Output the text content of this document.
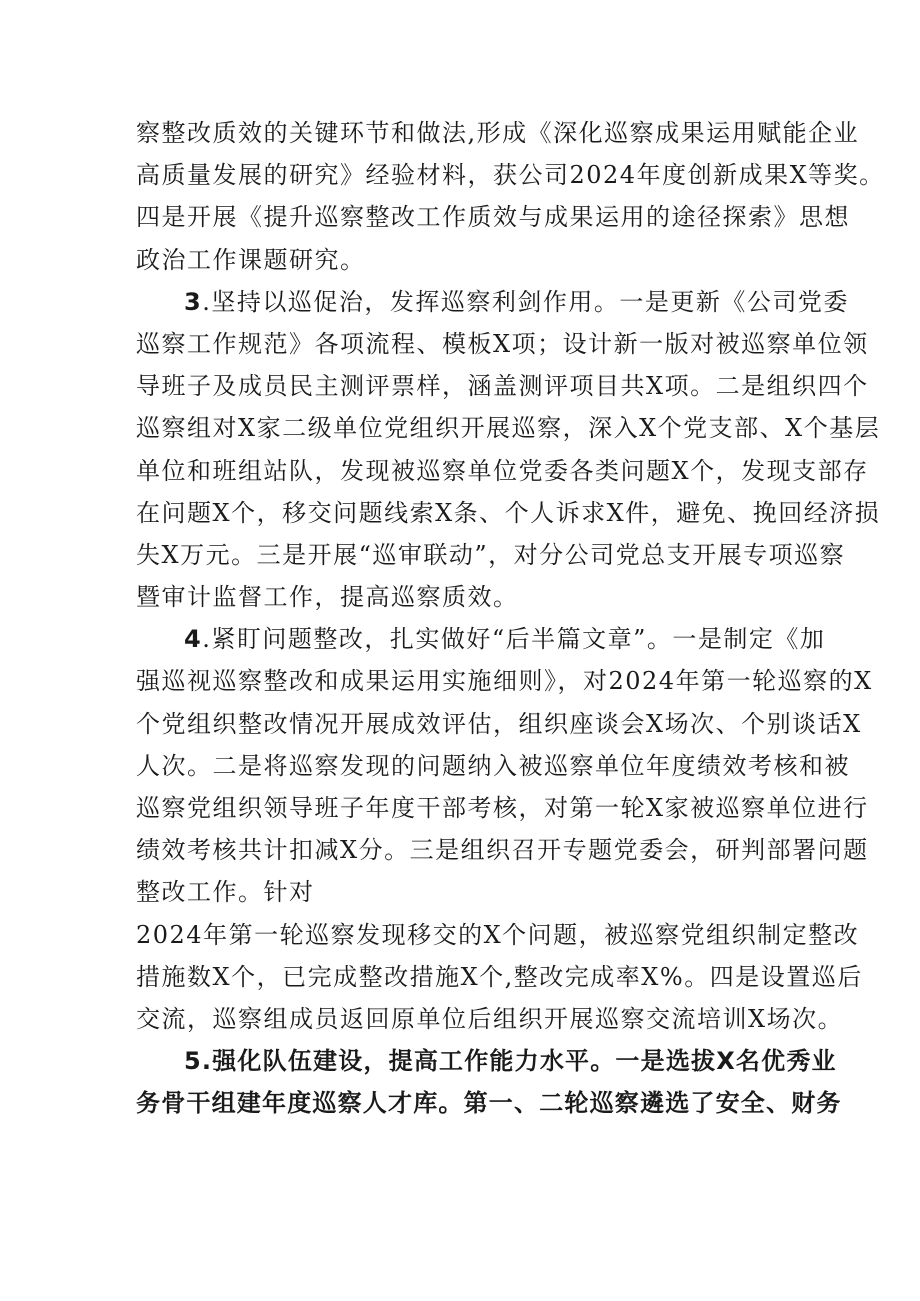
察整改质效的关键环节和做法,形成《深化巡察成果运用赋能企业
高质量发展的研究》经验材料，获公司2024年度创新成果X等奖。
四是开展《提升巡察整改工作质效与成果运用的途径探索》思想
政治工作课题研究。
3.坚持以巡促治，发挥巡察利剑作用。一是更新《公司党委
巡察工作规范》各项流程、模板X项；设计新一版对被巡察单位领
导班子及成员民主测评票样，涵盖测评项目共X项。二是组织四个
巡察组对X家二级单位党组织开展巡察，深入X个党支部、X个基层
单位和班组站队，发现被巡察单位党委各类问题X个，发现支部存
在问题X个，移交问题线索X条、个人诉求X件，避免、挽回经济损
失X万元。三是开展“巡审联动”，对分公司党总支开展专项巡察
暨审计监督工作，提高巡察质效。
4.紧盯问题整改，扎实做好“后半篇文章”。一是制定《加
强巡视巡察整改和成果运用实施细则》，对2024年第一轮巡察的X
个党组织整改情况开展成效评估，组织座谈会X场次、个别谈话X
人次。二是将巡察发现的问题纳入被巡察单位年度绩效考核和被
巡察党组织领导班子年度干部考核，对第一轮X家被巡察单位进行
绩效考核共计扣减X分。三是组织召开专题党委会，研判部署问题
整改工作。针对
2024年第一轮巡察发现移交的X个问题，被巡察党组织制定整改
措施数X个，已完成整改措施X个,整改完成率X%。四是设置巡后
交流，巡察组成员返回原单位后组织开展巡察交流培训X场次。
5.强化队伍建设，提高工作能力水平。一是选拔X名优秀业
务骨干组建年度巡察人才库。第一、二轮巡察遴选了安全、财务
